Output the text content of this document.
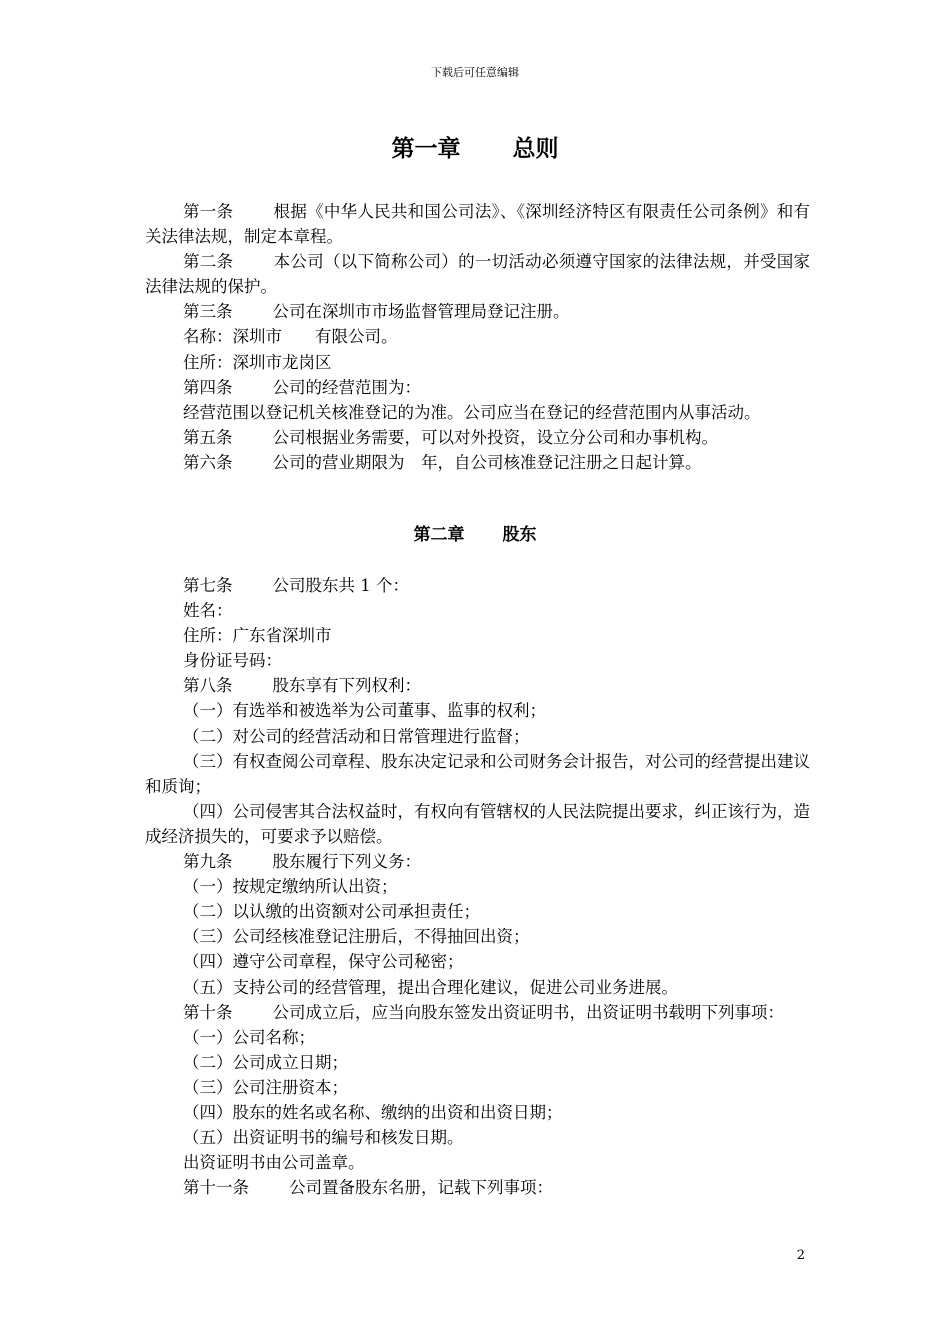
下载后可任意编辑
第一章 总则

第一条 根据《中华人民共和国公司法》、《深圳经济特区有限责任公司条例》和有关法律法规，制定本章程。

第二条 本公司（以下简称公司）的一切活动必须遵守国家的法律法规，并受国家法律法规的保护。

第三条 公司在深圳市市场监督管理局登记注册。

名称：深圳市　　有限公司。

住所：深圳市龙岗区

第四条 公司的经营范围为：

经营范围以登记机关核准登记的为准。公司应当在登记的经营范围内从事活动。

第五条 公司根据业务需要，可以对外投资，设立分公司和办事机构。

第六条 公司的营业期限为　年，自公司核准登记注册之日起计算。

第二章 股东

第七条 公司股东共 1 个：

姓名：

住所：广东省深圳市

身份证号码：

第八条 股东享有下列权利：

（一）有选举和被选举为公司董事、监事的权利；

（二）对公司的经营活动和日常管理进行监督；

（三）有权查阅公司章程、股东决定记录和公司财务会计报告，对公司的经营提出建议和质询；

（四）公司侵害其合法权益时，有权向有管辖权的人民法院提出要求，纠正该行为，造成经济损失的，可要求予以赔偿。

第九条 股东履行下列义务：

（一）按规定缴纳所认出资；

（二）以认缴的出资额对公司承担责任；

（三）公司经核准登记注册后，不得抽回出资；

（四）遵守公司章程，保守公司秘密；

（五）支持公司的经营管理，提出合理化建议，促进公司业务进展。

第十条 公司成立后，应当向股东签发出资证明书，出资证明书载明下列事项：

（一）公司名称；

（二）公司成立日期；

（三）公司注册资本；

（四）股东的姓名或名称、缴纳的出资和出资日期；

（五）出资证明书的编号和核发日期。

出资证明书由公司盖章。

第十一条 公司置备股东名册，记载下列事项：

2
